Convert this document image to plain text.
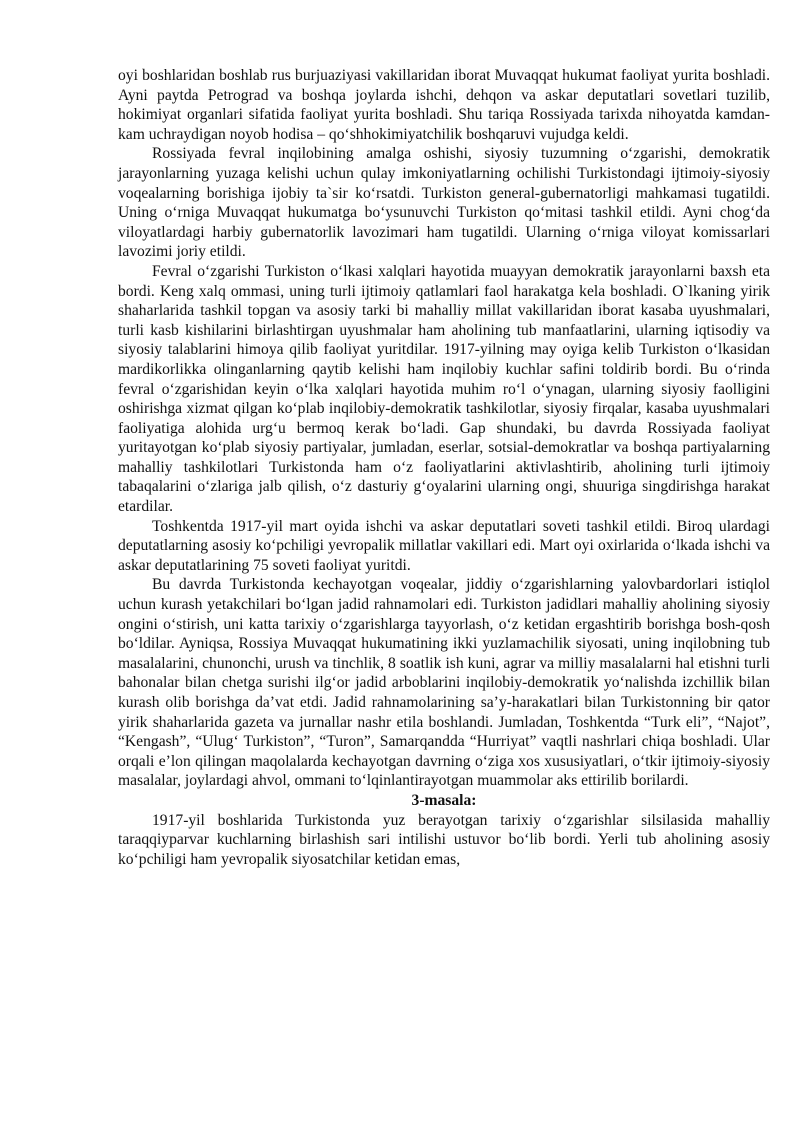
oyi boshlaridan boshlab rus burjuaziyasi vakillaridan iborat Muvaqqat hukumat faoliyat yurita boshladi. Ayni paytda Petrograd va boshqa joylarda ishchi, dehqon va askar deputatlari sovetlari tuzilib, hokimiyat organlari sifatida faoliyat yurita boshladi. Shu tariqa Rossiyada tarixda nihoyatda kamdan-kam uchraydigan noyob hodisa – qo‘shhokimiyatchilik boshqaruvi vujudga keldi.

Rossiyada fevral inqilobining amalga oshishi, siyosiy tuzumning o‘zgarishi, demokratik jarayonlarning yuzaga kelishi uchun qulay imkoniyatlarning ochilishi Turkistondagi ijtimoiy-siyosiy voqealarning borishiga ijobiy ta`sir ko‘rsatdi. Turkiston general-gubernatorligi mahkamasi tugatildi. Uning o‘rniga Muvaqqat hukumatga bo‘ysunuvchi Turkiston qo‘mitasi tashkil etildi. Ayni chog‘da viloyatlardagi harbiy gubernatorlik lavozimari ham tugatildi. Ularning o‘rniga viloyat komissarlari lavozimi joriy etildi.

Fevral o‘zgarishi Turkiston o‘lkasi xalqlari hayotida muayyan demokratik jarayonlarni baxsh eta bordi. Keng xalq ommasi, uning turli ijtimoiy qatlamlari faol harakatga kela boshladi. O`lkaning yirik shaharlarida tashkil topgan va asosiy tarki bi mahalliy millat vakillaridan iborat kasaba uyushmalari, turli kasb kishilarini birlashtirgan uyushmalar ham aholining tub manfaatlarini, ularning iqtisodiy va siyosiy talablarini himoya qilib faoliyat yuritdilar. 1917-yilning may oyiga kelib Turkiston o‘lkasidan mardikorlikka olinganlarning qaytib kelishi ham inqilobiy kuchlar safini toldirib bordi. Bu o‘rinda fevral o‘zgarishidan keyin o‘lka xalqlari hayotida muhim ro‘l o‘ynagan, ularning siyosiy faolligini oshirishga xizmat qilgan ko‘plab inqilobiy-demokratik tashkilotlar, siyosiy firqalar, kasaba uyushmalari faoliyatiga alohida urg‘u bermoq kerak bo‘ladi. Gap shundaki, bu davrda Rossiyada faoliyat yuritayotgan ko‘plab siyosiy partiyalar, jumladan, eserlar, sotsial-demokratlar va boshqa partiyalarning mahalliy tashkilotlari Turkistonda ham o‘z faoliyatlarini aktivlashtirib, aholining turli ijtimoiy tabaqalarini o‘zlariga jalb qilish, o‘z dasturiy g‘oyalarini ularning ongi, shuuriga singdirishga harakat etardilar.

Toshkentda 1917-yil mart oyida ishchi va askar deputatlari soveti tashkil etildi. Biroq ulardagi deputatlarning asosiy ko‘pchiligi yevropalik millatlar vakillari edi. Mart oyi oxirlarida o‘lkada ishchi va askar deputatlarining 75 soveti faoliyat yuritdi.

Bu davrda Turkistonda kechayotgan voqealar, jiddiy o‘zgarishlarning yalovbardorlari istiqlol uchun kurash yetakchilari bo‘lgan jadid rahnamolari edi. Turkiston jadidlari mahalliy aholining siyosiy ongini o‘stirish, uni katta tarixiy o‘zgarishlarga tayyorlash, o‘z ketidan ergashtirib borishga bosh-qosh bo‘ldilar. Ayniqsa, Rossiya Muvaqqat hukumatining ikki yuzlamachilik siyosati, uning inqilobning tub masalalarini, chunonchi, urush va tinchlik, 8 soatlik ish kuni, agrar va milliy masalalarni hal etishni turli bahonalar bilan chetga surishi ilg‘or jadid arboblarini inqilobiy-demokratik yo‘nalishda izchillik bilan kurash olib borishga da’vat etdi. Jadid rahnamolarining sa’y-harakatlari bilan Turkistonning bir qator yirik shaharlarida gazeta va jurnallar nashr etila boshlandi. Jumladan, Toshkentda “Turk eli”, “Najot”, “Kengash”, “Ulug‘ Turkiston”, “Turon”, Samarqandda “Hurriyat” vaqtli nashrlari chiqa boshladi. Ular orqali e’lon qilingan maqolalarda kechayotgan davrning o‘ziga xos xususiyatlari, o‘tkir ijtimoiy-siyosiy masalalar, joylardagi ahvol, ommani to‘lqinlantirayotgan muammolar aks ettirilib borilardi.

3-masala:

1917-yil boshlarida Turkistonda yuz berayotgan tarixiy o‘zgarishlar silsilasida mahalliy taraqqiyparvar kuchlarning birlashish sari intilishi ustuvor bo‘lib bordi. Yerli tub aholining asosiy ko‘pchiligi ham yevropalik siyosatchilar ketidan emas,
